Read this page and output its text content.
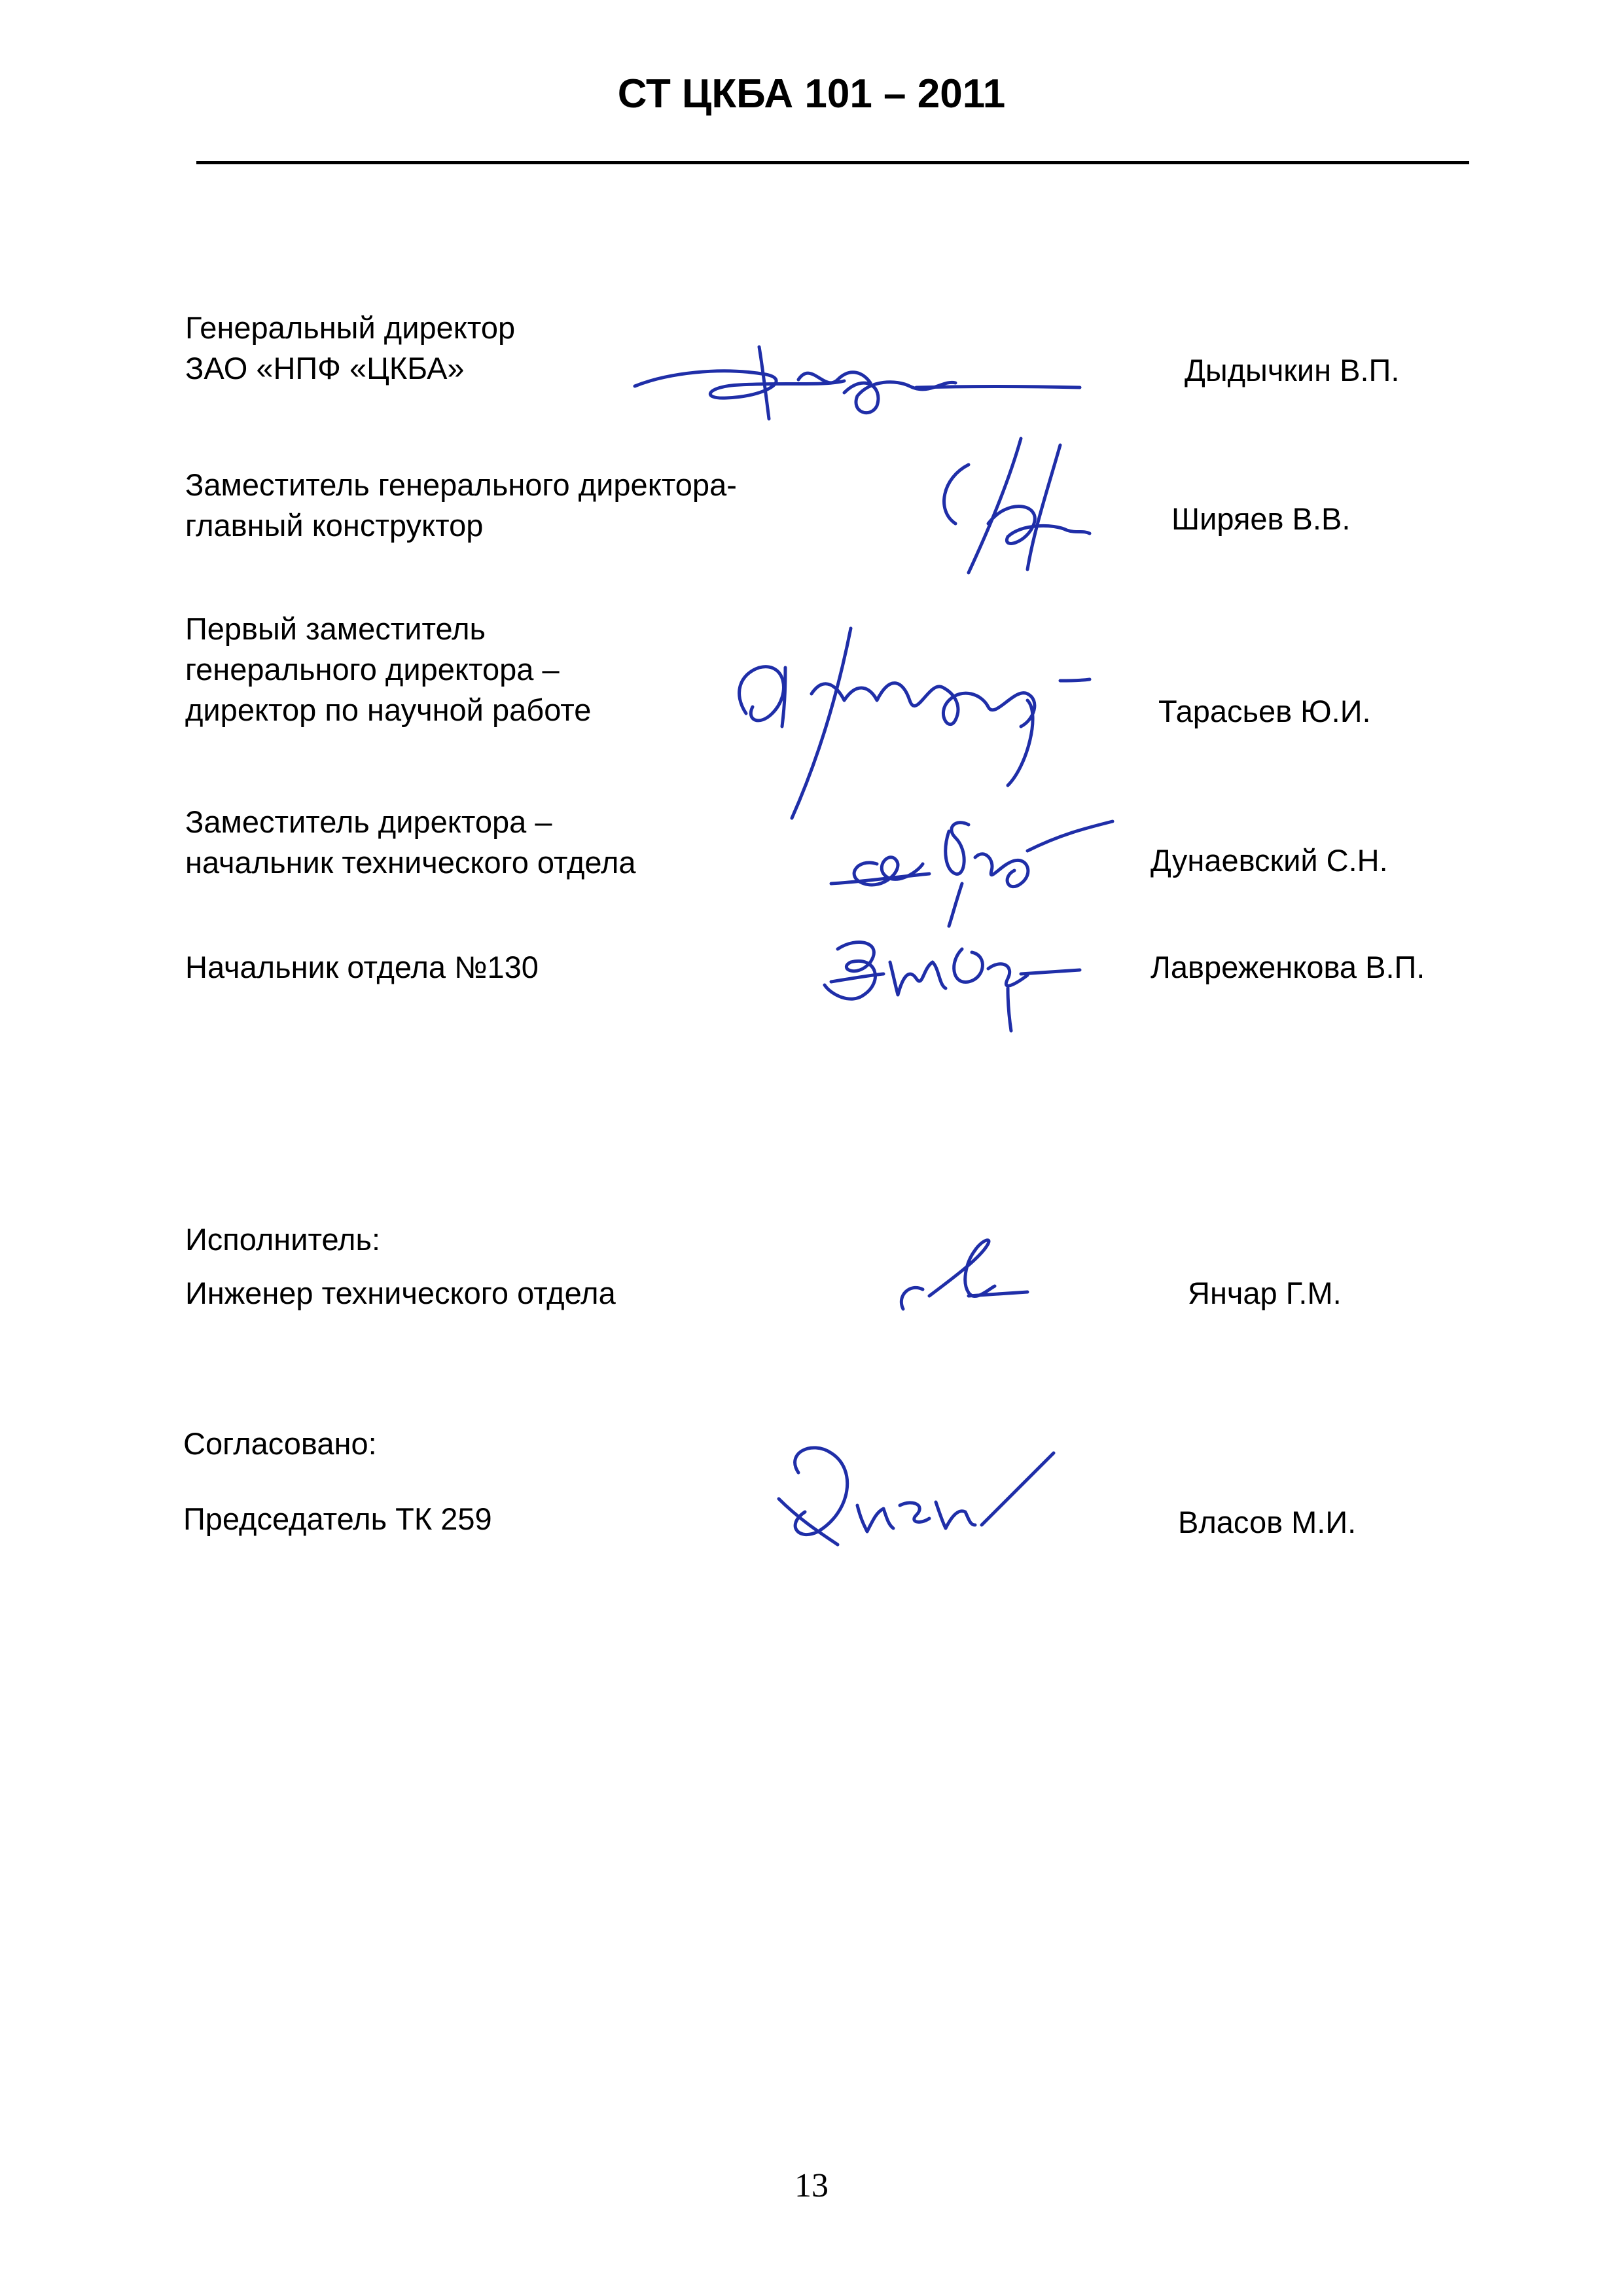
СТ ЦКБА 101 – 2011
Генеральный директор
ЗАО «НПФ «ЦКБА»	Дыдычкин В.П.
Заместитель генерального директора-
главный конструктор	Ширяев В.В.
Первый заместитель
генерального директора –
директор по научной работе	Тарасьев Ю.И.
Заместитель директора –
начальник технического отдела	Дунаевский С.Н.
Начальник отдела №130	Лавреженкова В.П.
Исполнитель:
Инженер технического отдела	Янчар Г.М.
Согласовано:
Председатель ТК 259	Власов М.И.
13
